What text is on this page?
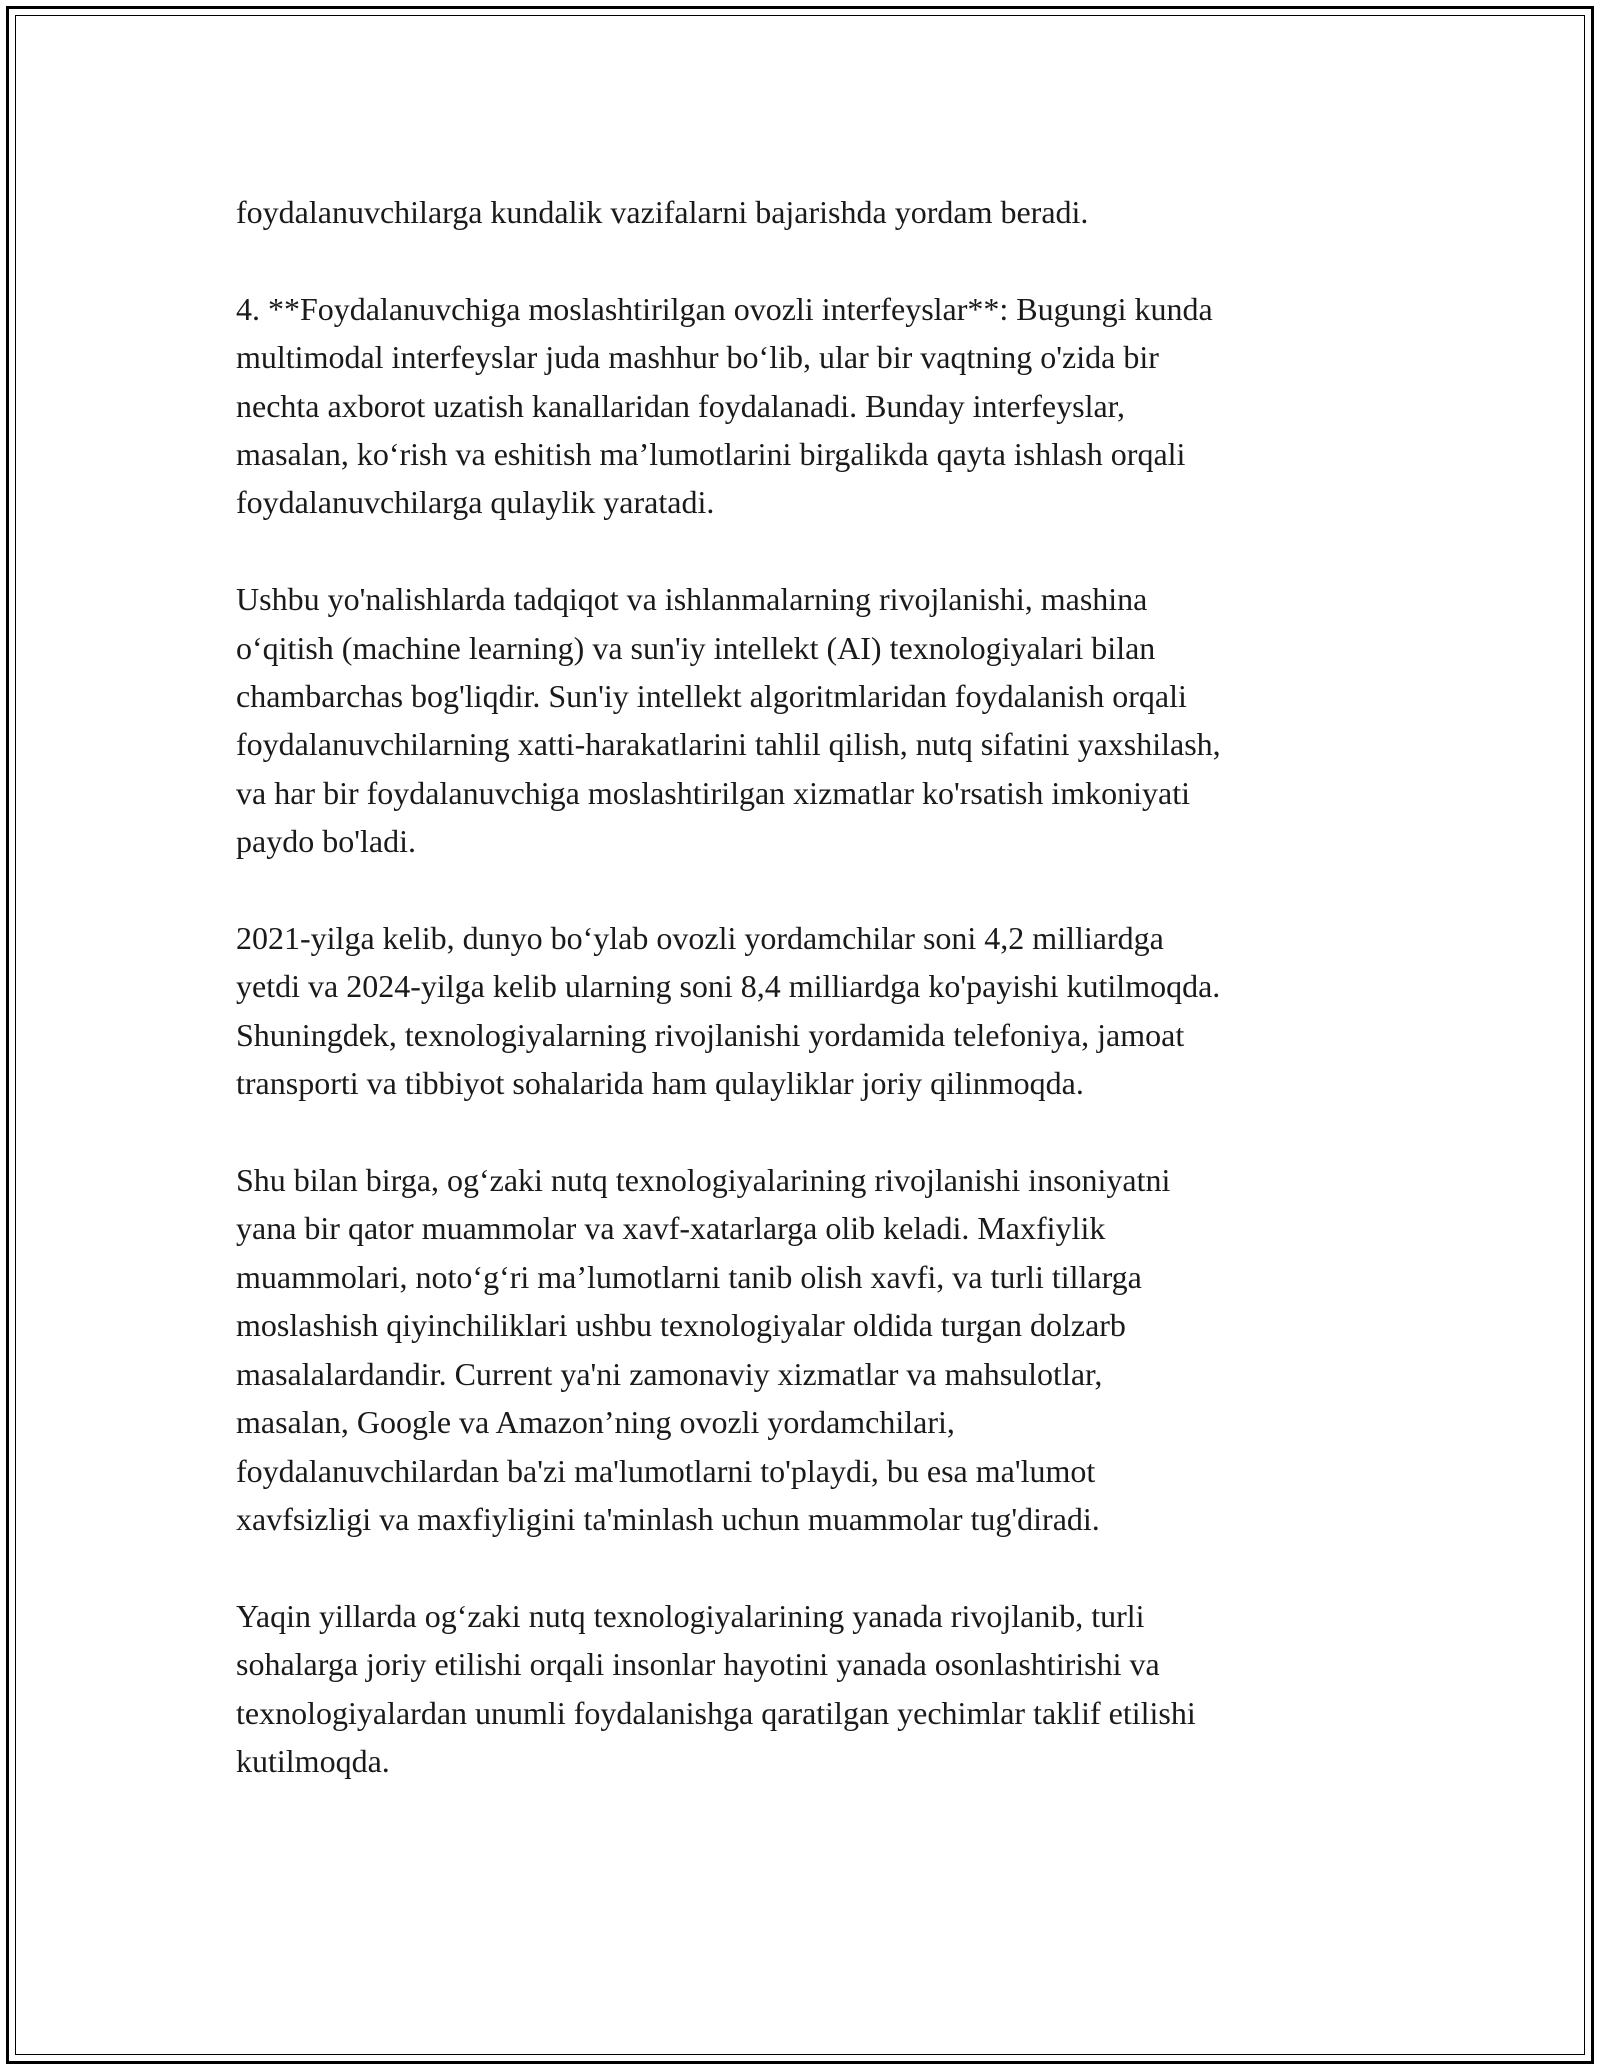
foydalanuvchilarga kundalik vazifalarni bajarishda yordam beradi.

4. **Foydalanuvchiga moslashtirilgan ovozli interfeyslar**: Bugungi kunda
multimodal interfeyslar juda mashhur bo‘lib, ular bir vaqtning o'zida bir
nechta axborot uzatish kanallaridan foydalanadi. Bunday interfeyslar,
masalan, ko‘rish va eshitish ma’lumotlarini birgalikda qayta ishlash orqali
foydalanuvchilarga qulaylik yaratadi.

Ushbu yo'nalishlarda tadqiqot va ishlanmalarning rivojlanishi, mashina
o‘qitish (machine learning) va sun'iy intellekt (AI) texnologiyalari bilan
chambarchas bog'liqdir. Sun'iy intellekt algoritmlaridan foydalanish orqali
foydalanuvchilarning xatti-harakatlarini tahlil qilish, nutq sifatini yaxshilash,
va har bir foydalanuvchiga moslashtirilgan xizmatlar ko'rsatish imkoniyati
paydo bo'ladi.

2021-yilga kelib, dunyo bo‘ylab ovozli yordamchilar soni 4,2 milliardga
yetdi va 2024-yilga kelib ularning soni 8,4 milliardga ko'payishi kutilmoqda.
Shuningdek, texnologiyalarning rivojlanishi yordamida telefoniya, jamoat
transporti va tibbiyot sohalarida ham qulayliklar joriy qilinmoqda.

Shu bilan birga, og‘zaki nutq texnologiyalarining rivojlanishi insoniyatni
yana bir qator muammolar va xavf-xatarlarga olib keladi. Maxfiylik
muammolari, noto‘g‘ri ma’lumotlarni tanib olish xavfi, va turli tillarga
moslashish qiyinchiliklari ushbu texnologiyalar oldida turgan dolzarb
masalalardandir. Current ya'ni zamonaviy xizmatlar va mahsulotlar,
masalan, Google va Amazon’ning ovozli yordamchilari,
foydalanuvchilardan ba'zi ma'lumotlarni to'playdi, bu esa ma'lumot
xavfsizligi va maxfiyligini ta'minlash uchun muammolar tug'diradi.

Yaqin yillarda og‘zaki nutq texnologiyalarining yanada rivojlanib, turli
sohalarga joriy etilishi orqali insonlar hayotini yanada osonlashtirishi va
texnologiyalardan unumli foydalanishga qaratilgan yechimlar taklif etilishi
kutilmoqda.
